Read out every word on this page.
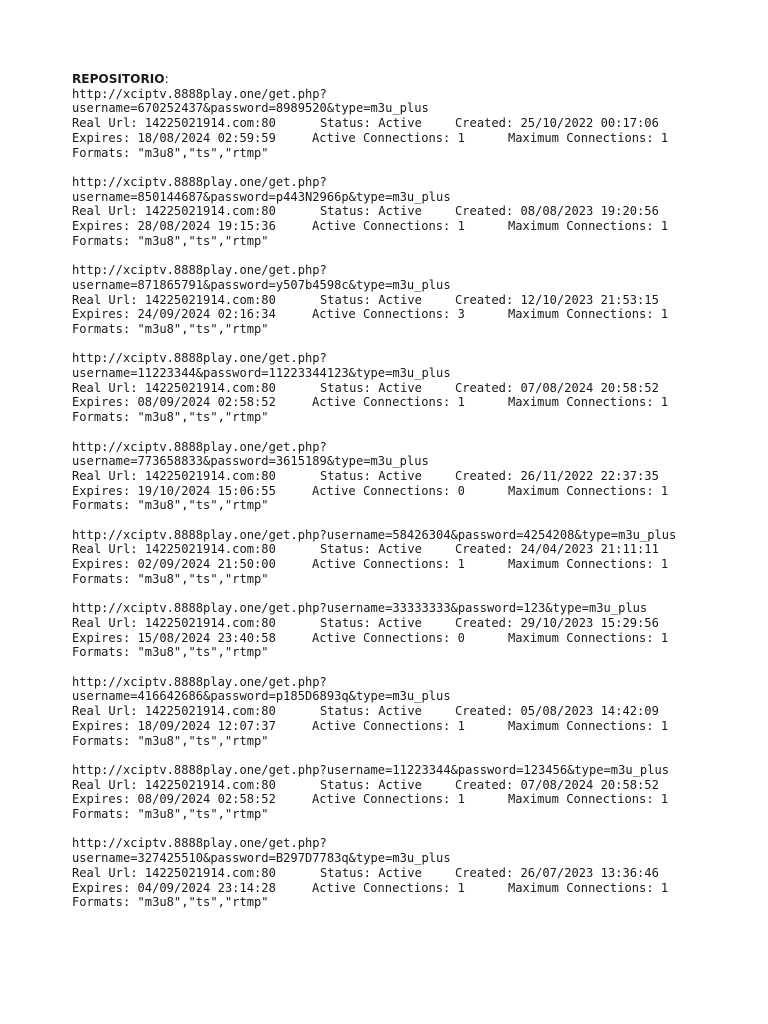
REPOSITORIO:
http://xciptv.8888play.one/get.php?
username=670252437&password=8989520&type=m3u_plus
Real Url: 14225021914.com:80	Status: Active	Created: 25/10/2022 00:17:06
Expires: 18/08/2024 02:59:59	Active Connections: 1	Maximum Connections: 1
Formats: "m3u8","ts","rtmp"
http://xciptv.8888play.one/get.php?
username=850144687&password=p443N2966p&type=m3u_plus
Real Url: 14225021914.com:80	Status: Active	Created: 08/08/2023 19:20:56
Expires: 28/08/2024 19:15:36	Active Connections: 1	Maximum Connections: 1
Formats: "m3u8","ts","rtmp"
http://xciptv.8888play.one/get.php?
username=871865791&password=y507b4598c&type=m3u_plus
Real Url: 14225021914.com:80	Status: Active	Created: 12/10/2023 21:53:15
Expires: 24/09/2024 02:16:34	Active Connections: 3	Maximum Connections: 1
Formats: "m3u8","ts","rtmp"
http://xciptv.8888play.one/get.php?
username=11223344&password=11223344123&type=m3u_plus
Real Url: 14225021914.com:80	Status: Active	Created: 07/08/2024 20:58:52
Expires: 08/09/2024 02:58:52	Active Connections: 1	Maximum Connections: 1
Formats: "m3u8","ts","rtmp"
http://xciptv.8888play.one/get.php?
username=773658833&password=3615189&type=m3u_plus
Real Url: 14225021914.com:80	Status: Active	Created: 26/11/2022 22:37:35
Expires: 19/10/2024 15:06:55	Active Connections: 0	Maximum Connections: 1
Formats: "m3u8","ts","rtmp"
http://xciptv.8888play.one/get.php?username=58426304&password=4254208&type=m3u_plus
Real Url: 14225021914.com:80	Status: Active	Created: 24/04/2023 21:11:11
Expires: 02/09/2024 21:50:00	Active Connections: 1	Maximum Connections: 1
Formats: "m3u8","ts","rtmp"
http://xciptv.8888play.one/get.php?username=33333333&password=123&type=m3u_plus
Real Url: 14225021914.com:80	Status: Active	Created: 29/10/2023 15:29:56
Expires: 15/08/2024 23:40:58	Active Connections: 0	Maximum Connections: 1
Formats: "m3u8","ts","rtmp"
http://xciptv.8888play.one/get.php?
username=416642686&password=p185D6893q&type=m3u_plus
Real Url: 14225021914.com:80	Status: Active	Created: 05/08/2023 14:42:09
Expires: 18/09/2024 12:07:37	Active Connections: 1	Maximum Connections: 1
Formats: "m3u8","ts","rtmp"
http://xciptv.8888play.one/get.php?username=11223344&password=123456&type=m3u_plus
Real Url: 14225021914.com:80	Status: Active	Created: 07/08/2024 20:58:52
Expires: 08/09/2024 02:58:52	Active Connections: 1	Maximum Connections: 1
Formats: "m3u8","ts","rtmp"
http://xciptv.8888play.one/get.php?
username=327425510&password=B297D7783q&type=m3u_plus
Real Url: 14225021914.com:80	Status: Active	Created: 26/07/2023 13:36:46
Expires: 04/09/2024 23:14:28	Active Connections: 1	Maximum Connections: 1
Formats: "m3u8","ts","rtmp"
